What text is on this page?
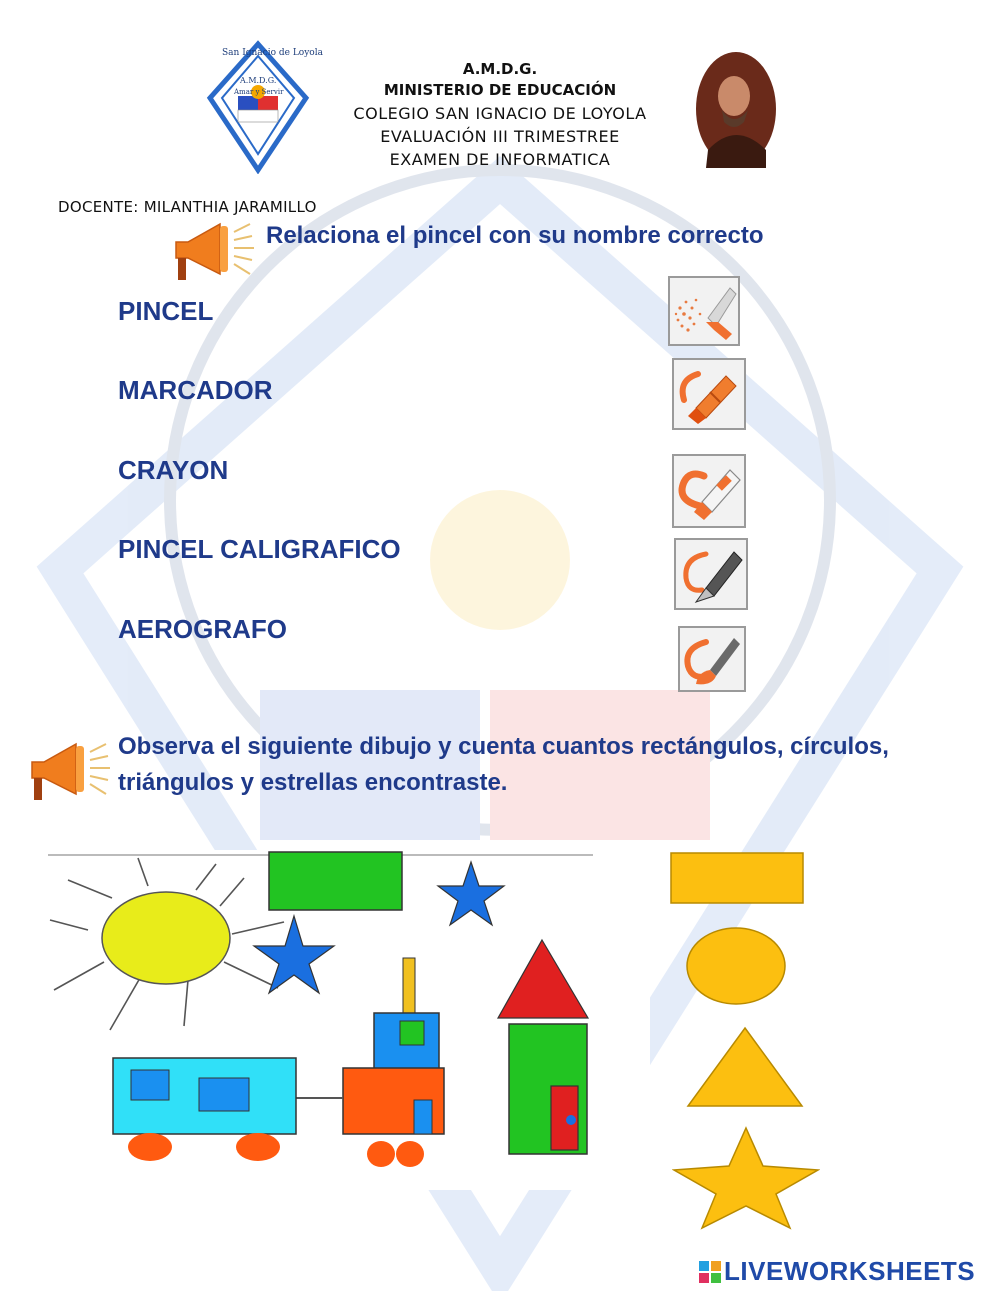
San Ignacio de Loyola
A.M.D.G.
Amar y Servir
A.M.D.G.
MINISTERIO DE EDUCACIÓN
COLEGIO SAN IGNACIO DE LOYOLA
EVALUACIÓN III TRIMESTREE
EXAMEN DE INFORMATICA
DOCENTE: MILANTHIA JARAMILLO
Relaciona el pincel con su nombre correcto
PINCEL
MARCADOR
CRAYON
PINCEL CALIGRAFICO
AEROGRAFO
Observa el siguiente dibujo y cuenta cuantos rectángulos, círculos,
triángulos y estrellas encontraste.
LIVEWORKSHEETS
